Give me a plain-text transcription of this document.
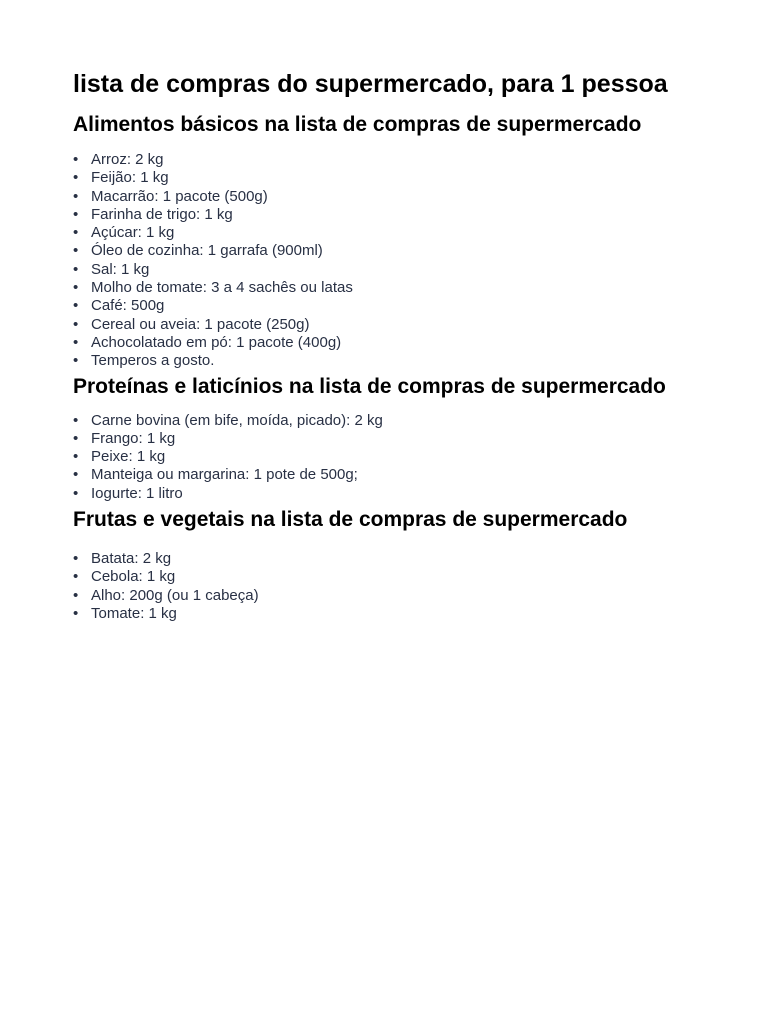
lista de compras do supermercado, para 1 pessoa
Alimentos básicos na lista de compras de supermercado
• Arroz: 2 kg
• Feijão: 1 kg
• Macarrão: 1 pacote (500g)
• Farinha de trigo: 1 kg
• Açúcar: 1 kg
• Óleo de cozinha: 1 garrafa (900ml)
• Sal: 1 kg
• Molho de tomate: 3 a 4 sachês ou latas
• Café: 500g
• Cereal ou aveia: 1 pacote (250g)
• Achocolatado em pó: 1 pacote (400g)
• Temperos a gosto.
Proteínas e laticínios na lista de compras de supermercado
• Carne bovina (em bife, moída, picado): 2 kg
• Frango: 1 kg
• Peixe: 1 kg
• Manteiga ou margarina: 1 pote de 500g;
• Iogurte: 1 litro
Frutas e vegetais na lista de compras de supermercado
• Batata: 2 kg
• Cebola: 1 kg
• Alho: 200g (ou 1 cabeça)
• Tomate: 1 kg
